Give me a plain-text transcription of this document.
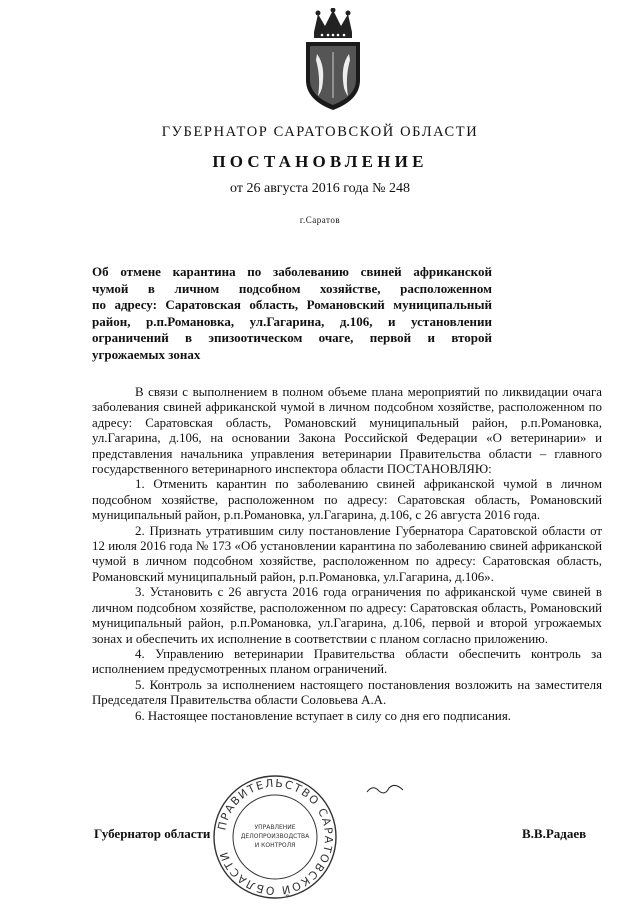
ГУБЕРНАТОР САРАТОВСКОЙ ОБЛАСТИ
ПОСТАНОВЛЕНИЕ
от 26 августа 2016 года № 248
г.Саратов
Об отмене карантина по заболеванию свиней африканской
чумой в личном подсобном хозяйстве, расположенном
по адресу: Саратовская область, Романовский муниципальный
район, р.п.Романовка, ул.Гагарина, д.106, и установлении
ограничений в эпизоотическом очаге, первой и второй
угрожаемых зонах

В связи с выполнением в полном объеме плана мероприятий по ликвидации очага заболевания свиней африканской чумой в личном подсобном хозяйстве, расположенном по адресу: Саратовская область, Романовский муниципальный район, р.п.Романовка, ул.Гагарина, д.106, на основании Закона Российской Федерации «О ветеринарии» и представления начальника управления ветеринарии Правительства области – главного государственного ветеринарного инспектора области ПОСТАНОВЛЯЮ:

1. Отменить карантин по заболеванию свиней африканской чумой в личном подсобном хозяйстве, расположенном по адресу: Саратовская область, Романовский муниципальный район, р.п.Романовка, ул.Гагарина, д.106, с 26 августа 2016 года.

2. Признать утратившим силу постановление Губернатора Саратовской области от 12 июля 2016 года № 173 «Об установлении карантина по заболеванию свиней африканской чумой в личном подсобном хозяйстве, расположенном по адресу: Саратовская область, Романовский муниципальный район, р.п.Романовка, ул.Гагарина, д.106».

3. Установить с 26 августа 2016 года ограничения по африканской чуме свиней в личном подсобном хозяйстве, расположенном по адресу: Саратовская область, Романовский муниципальный район, р.п.Романовка, ул.Гагарина, д.106, первой и второй угрожаемых зонах и обеспечить их исполнение в соответствии с планом согласно приложению.

4. Управлению ветеринарии Правительства области обеспечить контроль за исполнением предусмотренных планом ограничений.

5. Контроль за исполнением настоящего постановления возложить на заместителя Председателя Правительства области Соловьева А.А.

6. Настоящее постановление вступает в силу со дня его подписания.

ПРАВИТЕЛЬСТВО САРАТОВСКОЙ ОБЛАСТИ
УПРАВЛЕНИЕ
ДЕЛОПРОИЗВОДСТВА
И КОНТРОЛЯ
Губернатор области	В.В.Радаев
